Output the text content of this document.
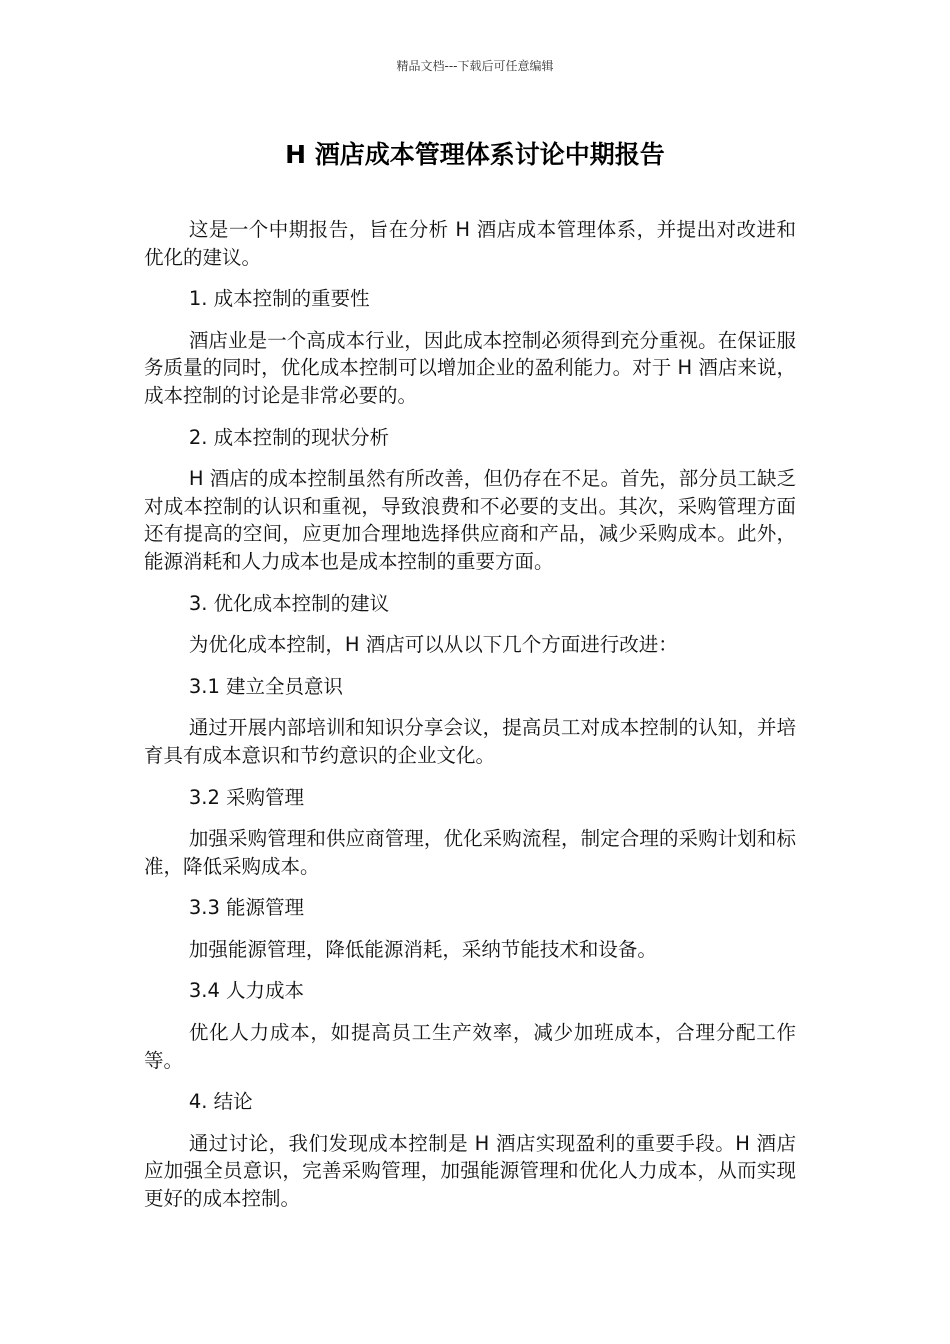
精品文档---下载后可任意编辑
H 酒店成本管理体系讨论中期报告

这是一个中期报告，旨在分析 H 酒店成本管理体系，并提出对改进和优化的建议。

1. 成本控制的重要性

酒店业是一个高成本行业，因此成本控制必须得到充分重视。在保证服务质量的同时，优化成本控制可以增加企业的盈利能力。对于 H 酒店来说，成本控制的讨论是非常必要的。

2. 成本控制的现状分析

H 酒店的成本控制虽然有所改善，但仍存在不足。首先，部分员工缺乏对成本控制的认识和重视，导致浪费和不必要的支出。其次，采购管理方面还有提高的空间，应更加合理地选择供应商和产品，减少采购成本。此外，能源消耗和人力成本也是成本控制的重要方面。

3. 优化成本控制的建议

为优化成本控制，H 酒店可以从以下几个方面进行改进：

3.1 建立全员意识

通过开展内部培训和知识分享会议，提高员工对成本控制的认知，并培育具有成本意识和节约意识的企业文化。

3.2 采购管理

加强采购管理和供应商管理，优化采购流程，制定合理的采购计划和标准，降低采购成本。

3.3 能源管理

加强能源管理，降低能源消耗，采纳节能技术和设备。

3.4 人力成本

优化人力成本，如提高员工生产效率，减少加班成本，合理分配工作等。

4. 结论

通过讨论，我们发现成本控制是 H 酒店实现盈利的重要手段。H 酒店应加强全员意识，完善采购管理，加强能源管理和优化人力成本，从而实现更好的成本控制。
